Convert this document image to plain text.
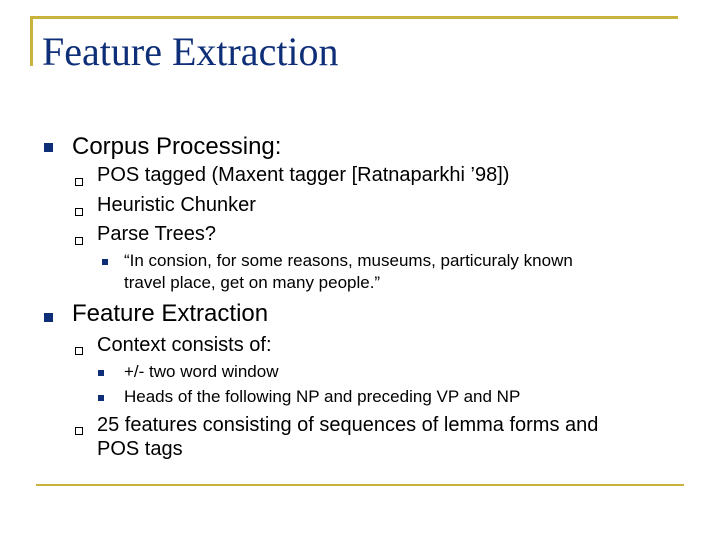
Feature Extraction
Corpus Processing:
POS tagged (Maxent tagger [Ratnaparkhi ’98])
Heuristic Chunker
Parse Trees?
“In consion, for some reasons, museums, particuraly known
travel place, get on many people.”
Feature Extraction
Context consists of:
+/- two word window
Heads of the following NP and preceding VP and NP
25 features consisting of sequences of lemma forms and
POS tags
